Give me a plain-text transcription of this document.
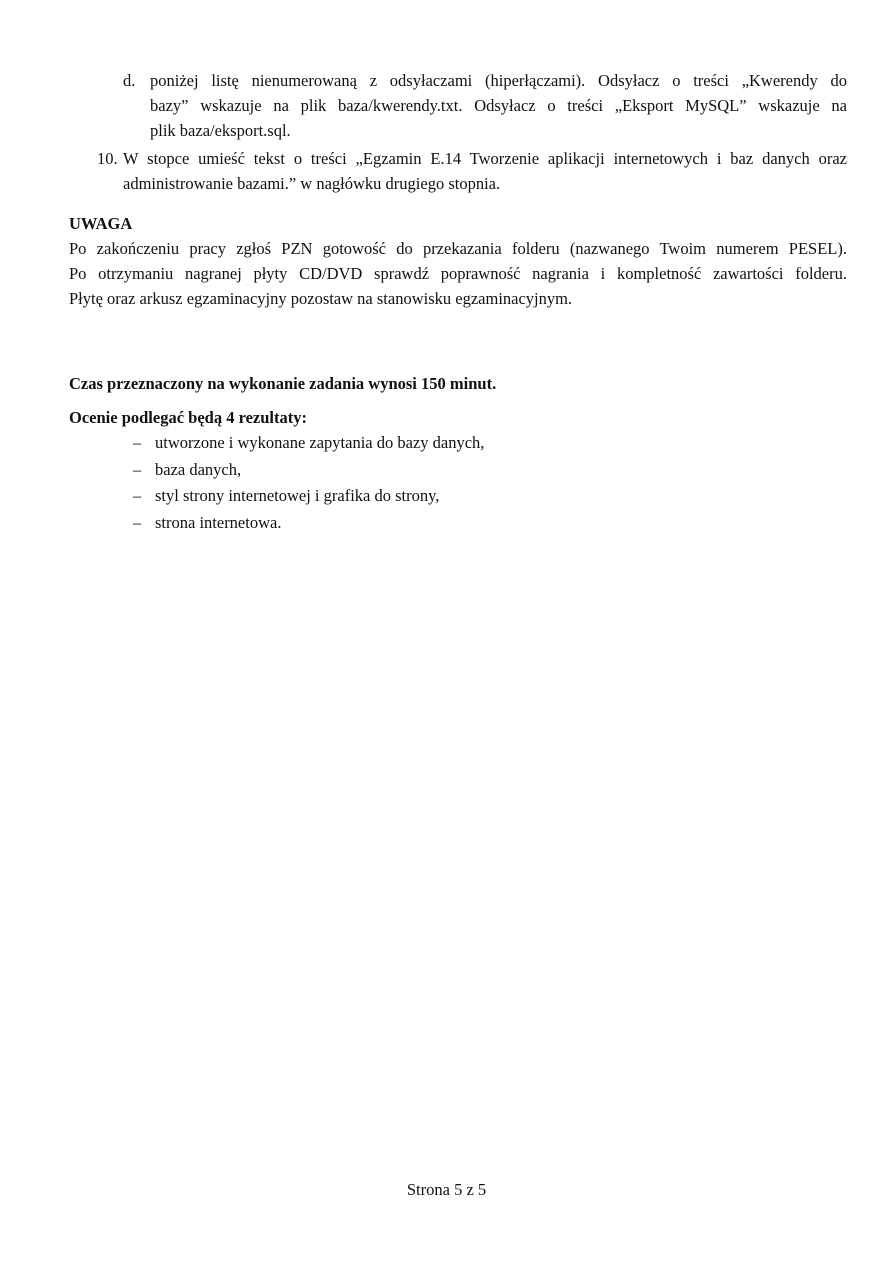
d. poniżej listę nienumerowaną z odsyłaczami (hiperłączami). Odsyłacz o treści „Kwerendy do
bazy” wskazuje na plik baza/kwerendy.txt. Odsyłacz o treści „Eksport MySQL” wskazuje na
plik baza/eksport.sql.
10. W stopce umieść tekst o treści „Egzamin E.14 Tworzenie aplikacji internetowych i baz danych oraz
administrowanie bazami.” w nagłówku drugiego stopnia.
UWAGA
Po zakończeniu pracy zgłoś PZN gotowość do przekazania folderu (nazwanego Twoim numerem PESEL).
Po otrzymaniu nagranej płyty CD/DVD sprawdź poprawność nagrania i kompletność zawartości folderu.
Płytę oraz arkusz egzaminacyjny pozostaw na stanowisku egzaminacyjnym.
Czas przeznaczony na wykonanie zadania wynosi 150 minut.
Ocenie podlegać będą 4 rezultaty:
– utworzone i wykonane zapytania do bazy danych,
– baza danych,
– styl strony internetowej i grafika do strony,
– strona internetowa.
Strona 5 z 5
